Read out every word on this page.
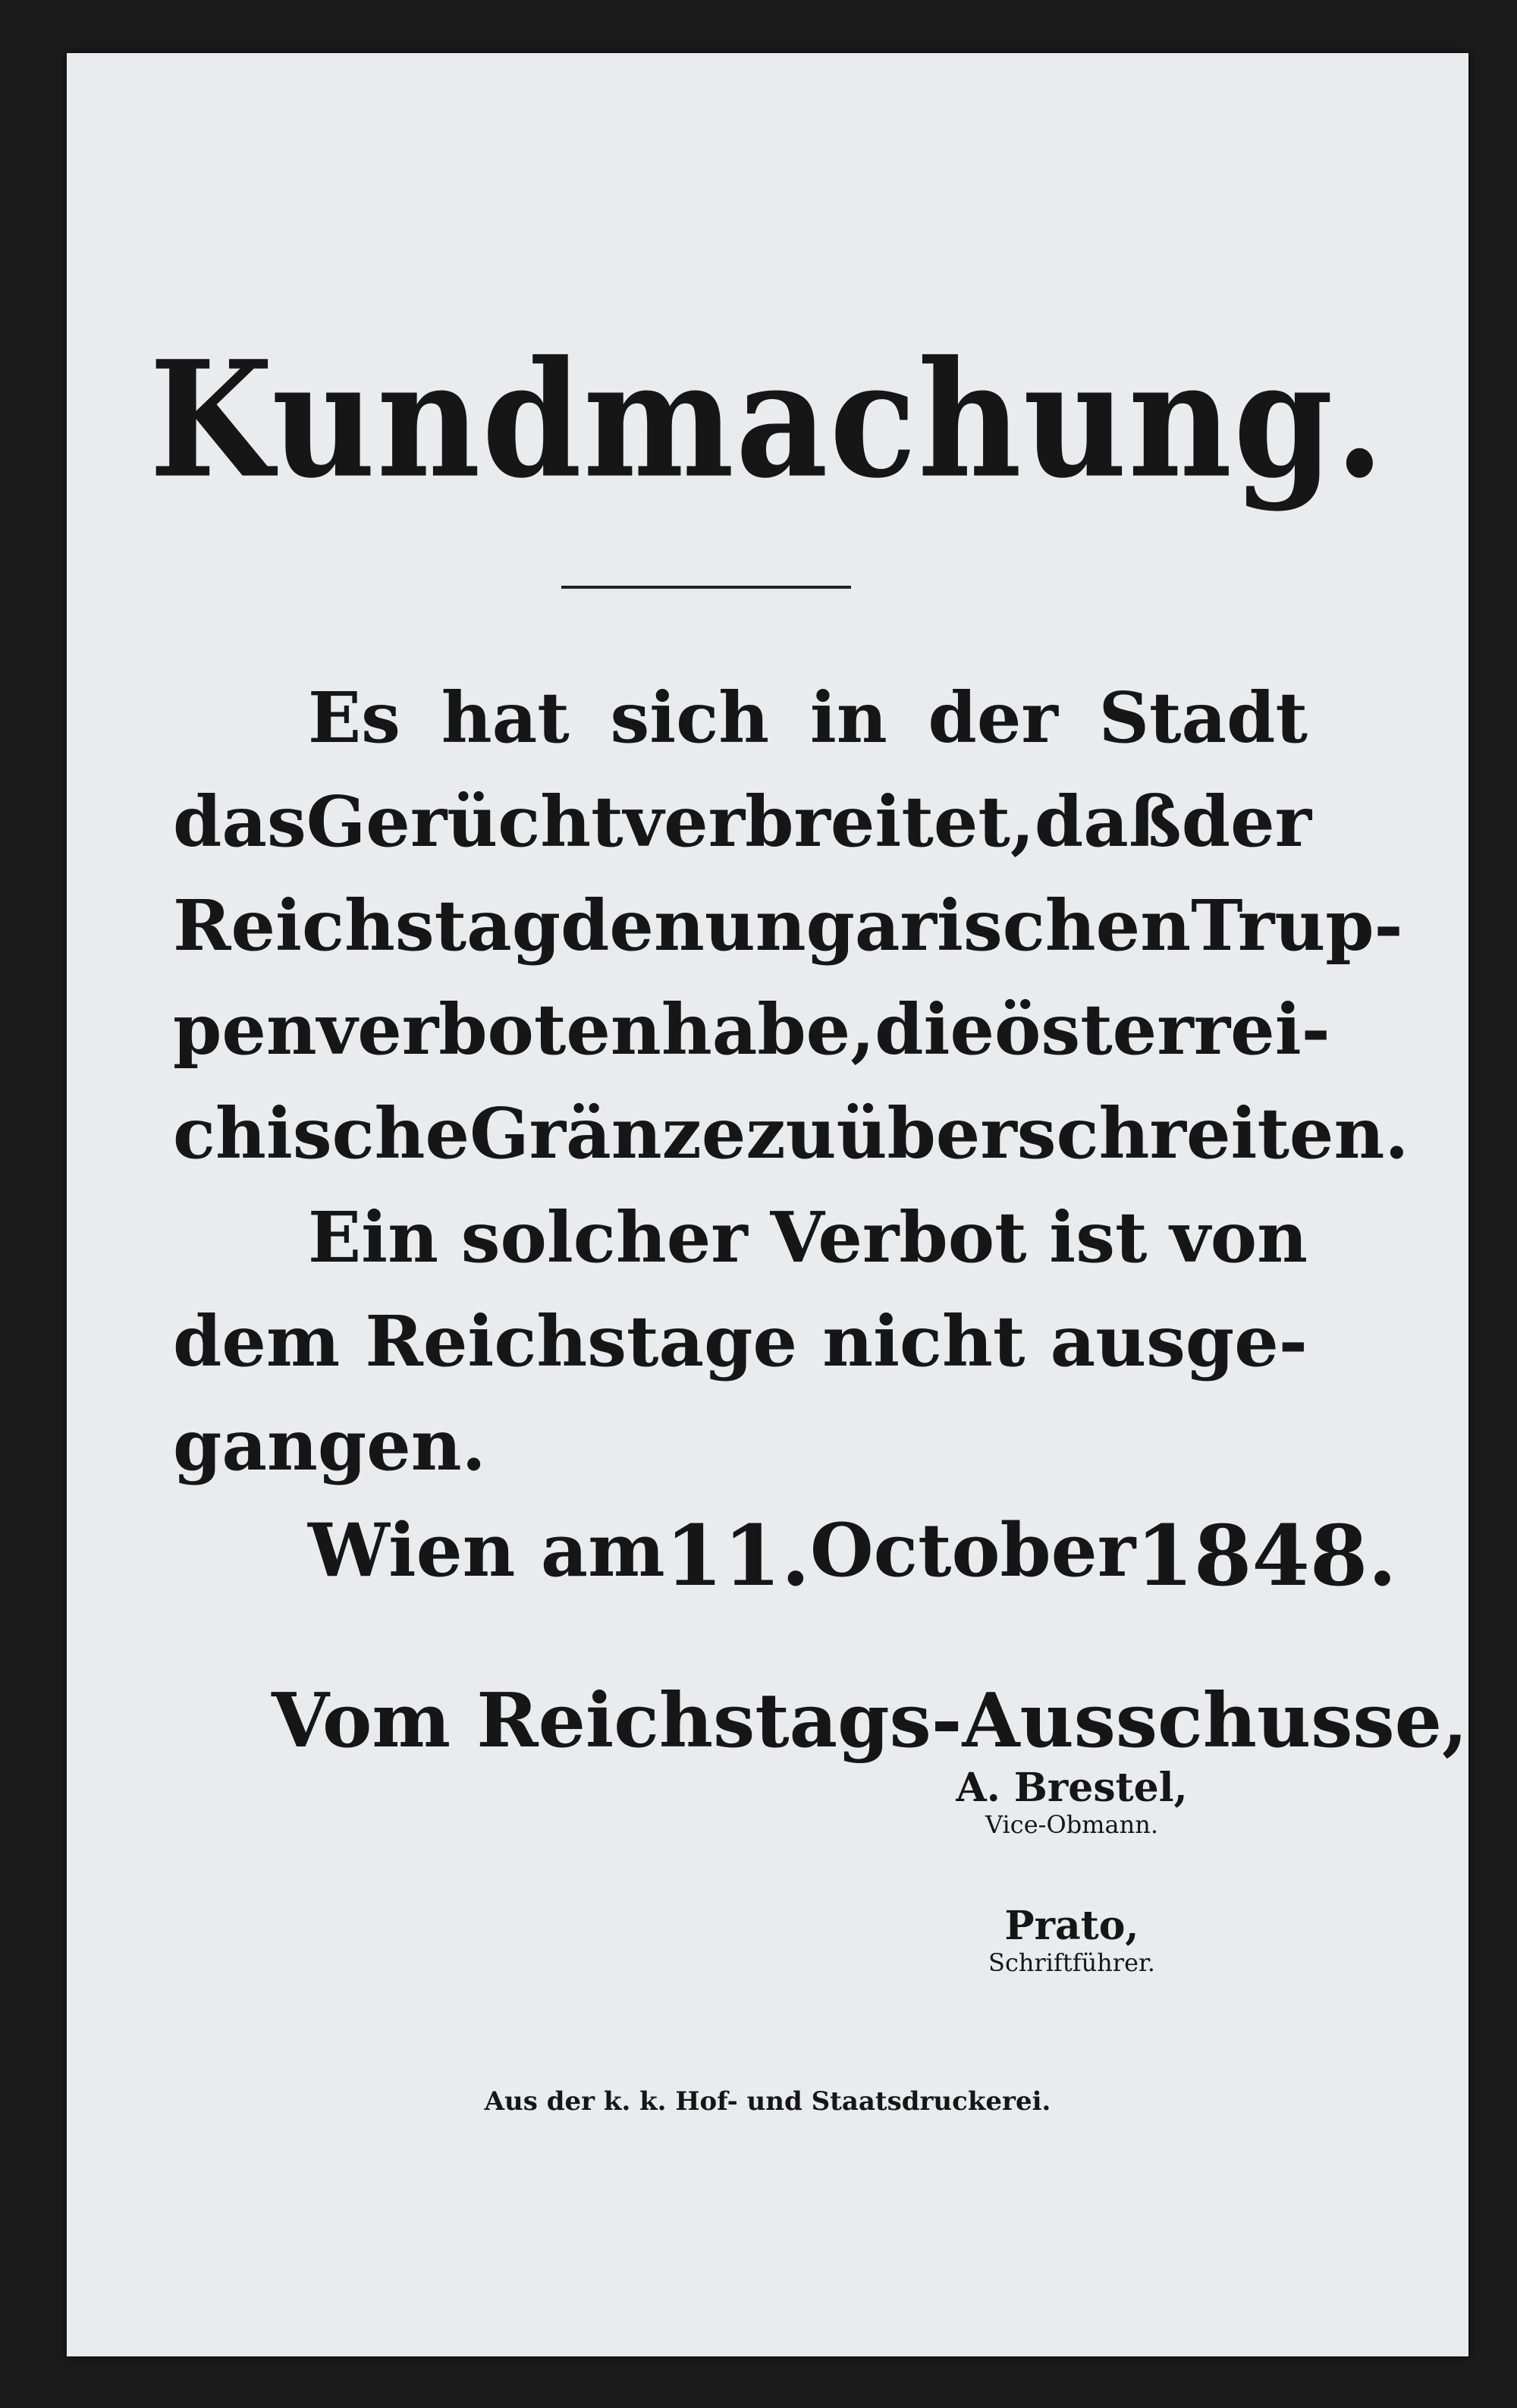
Kundmachung.
Es hat sich in der Stadt
das Gerücht verbreitet, daß der
Reichstag den ungarischen Trup-
pen verboten habe, die österrei-
chische Gränze zu überschreiten.
Ein solcher Verbot ist von
dem Reichstage nicht ausge-
gangen.
Wien am 11. October 1848.
Vom Reichstags-Ausschusse,
A. Brestel,
Vice-Obmann.
Prato,
Schriftführer.
Aus der k. k. Hof- und Staatsdruckerei.
